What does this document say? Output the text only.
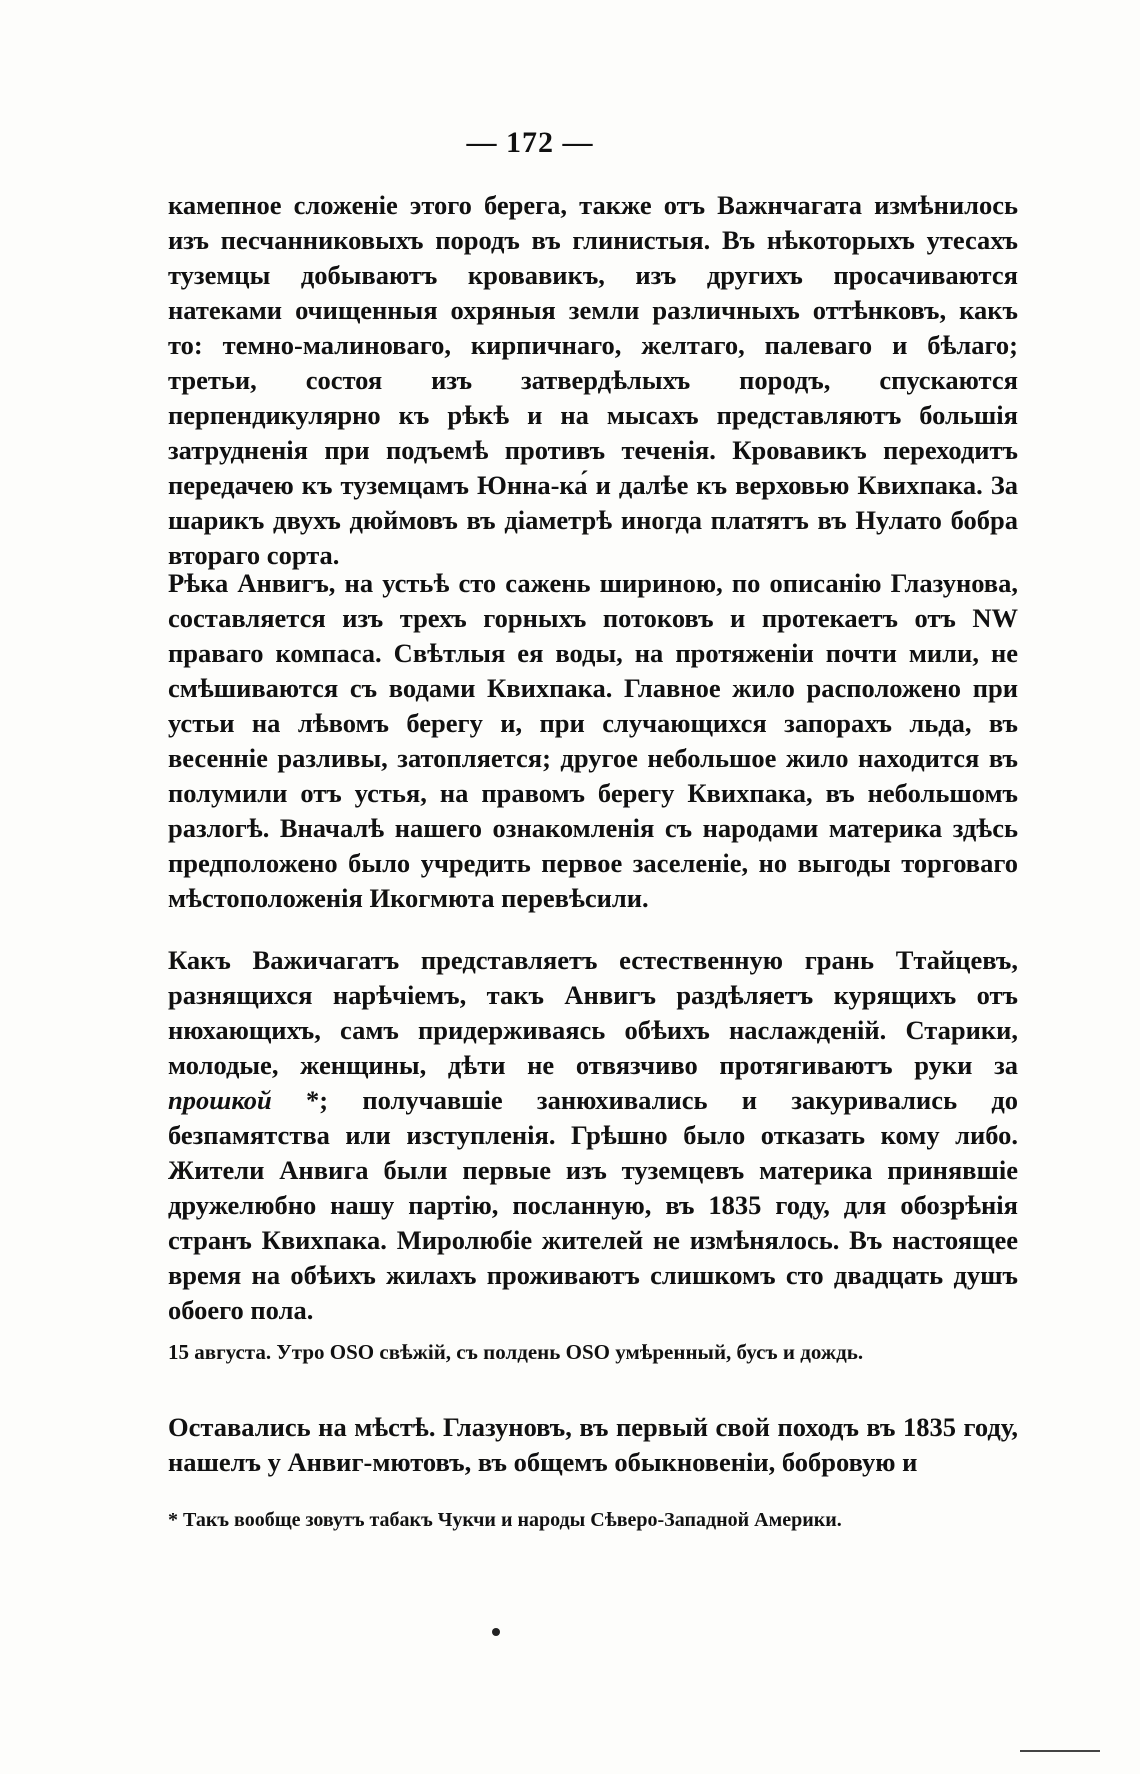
— 172 —

камепное сложеніе этого берега, также отъ Важнчагата измѣнилось изъ песчанниковыхъ породъ въ глинистыя. Въ нѣкоторыхъ утесахъ туземцы добываютъ кровавикъ, изъ другихъ просачиваются натеками очищенныя охряныя земли различныхъ оттѣнковъ, какъ то: темно-малиноваго, кирпичнаго, желтаго, палеваго и бѣлаго; третьи, состоя изъ затвердѣлыхъ породъ, спускаются перпендикулярно къ рѣкѣ и на мысахъ представляютъ большія затрудненія при подъемѣ противъ теченія. Кровавикъ переходитъ передачею къ туземцамъ Юнна-ка́ и далѣе къ верховью Квихпака. За шарикъ двухъ дюймовъ въ діаметрѣ иногда платятъ въ Нулато бобра втораго сорта.

Рѣка Анвигъ, на устьѣ сто сажень шириною, по описанію Глазунова, составляется изъ трехъ горныхъ потоковъ и протекаетъ отъ NW праваго компаса. Свѣтлыя ея воды, на протяженіи почти мили, не смѣшиваются съ водами Квихпака. Главное жило расположено при устьи на лѣвомъ берегу и, при случающихся запорахъ льда, въ весенніе разливы, затопляется; другое небольшое жило находится въ полумили отъ устья, на правомъ берегу Квихпака, въ небольшомъ разлогѣ. Вначалѣ нашего ознакомленія съ народами материка здѣсь предположено было учредить первое заселеніе, но выгоды торговаго мѣстоположенія Икогмюта перевѣсили.

Какъ Важичагатъ представляетъ естественную грань Ттайцевъ, разнящихся нарѣчіемъ, такъ Анвигъ раздѣляетъ курящихъ отъ нюхающихъ, самъ придерживаясь обѣихъ наслажденій. Старики, молодые, женщины, дѣти не отвязчиво протягиваютъ руки за прошкой *; получавшіе занюхивались и закуривались до безпамятства или изступленія. Грѣшно было отказать кому либо. Жители Анвига были первые изъ туземцевъ материка принявшіе дружелюбно нашу партію, посланную, въ 1835 году, для обозрѣнія странъ Квихпака. Миролюбіе жителей не измѣнялось. Въ настоящее время на обѣихъ жилахъ проживаютъ слишкомъ сто двадцать душъ обоего пола.

15 августа. Утро OSO свѣжій, съ полдень OSO умѣренный, бусъ и дождь.

Оставались на мѣстѣ. Глазуновъ, въ первый свой походъ въ 1835 году, нашелъ у Анвиг-мютовъ, въ общемъ обыкновеніи, бобровую и

* Такъ вообще зовутъ табакъ Чукчи и народы Сѣверо-Западной Америки.
